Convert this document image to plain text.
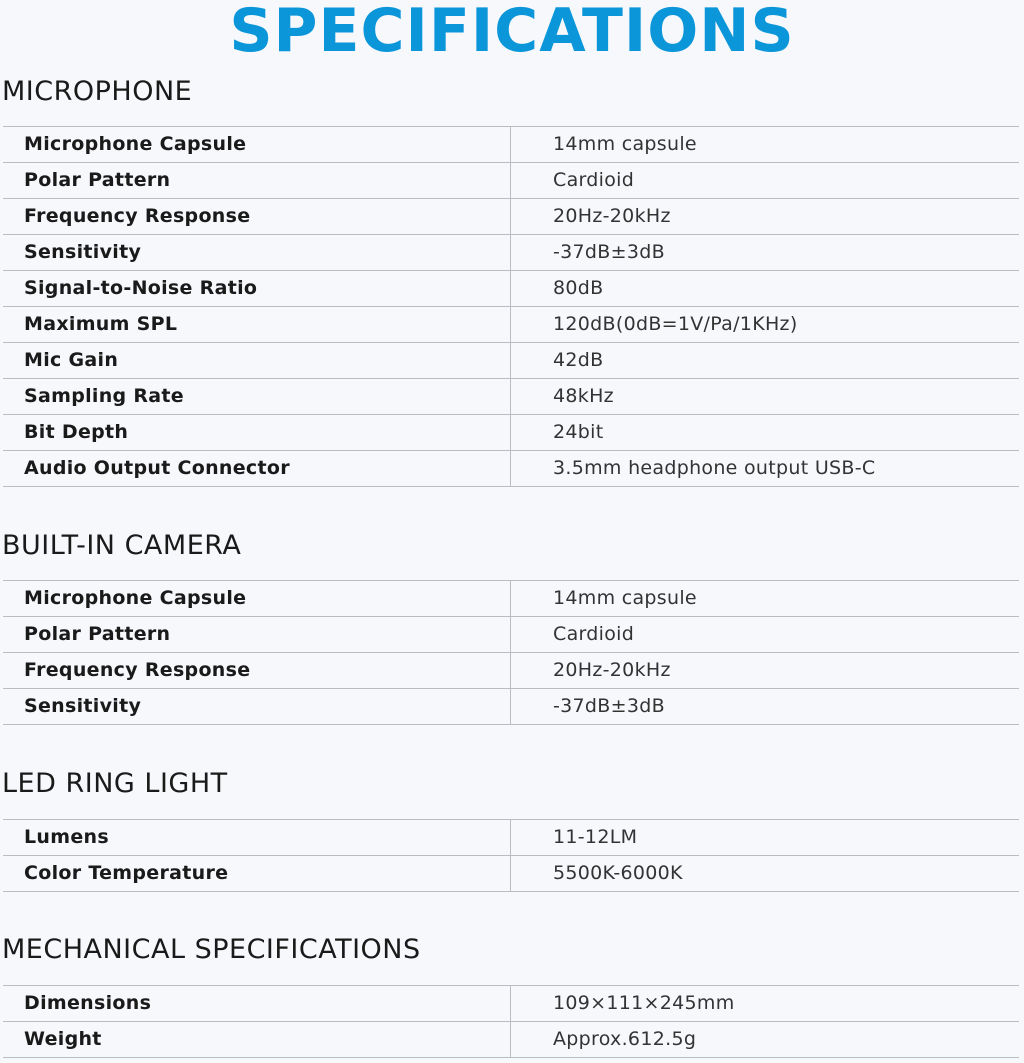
SPECIFICATIONS
MICROPHONE
Microphone Capsule	14mm capsule
Polar Pattern	Cardioid
Frequency Response	20Hz-20kHz
Sensitivity	-37dB±3dB
Signal-to-Noise Ratio	80dB
Maximum SPL	120dB(0dB=1V/Pa/1KHz)
Mic Gain	42dB
Sampling Rate	48kHz
Bit Depth	24bit
Audio Output Connector	3.5mm headphone output USB-C
BUILT-IN CAMERA
Microphone Capsule	14mm capsule
Polar Pattern	Cardioid
Frequency Response	20Hz-20kHz
Sensitivity	-37dB±3dB
LED RING LIGHT
Lumens	11-12LM
Color Temperature	5500K-6000K
MECHANICAL SPECIFICATIONS
Dimensions	109×111×245mm
Weight	Approx.612.5g
